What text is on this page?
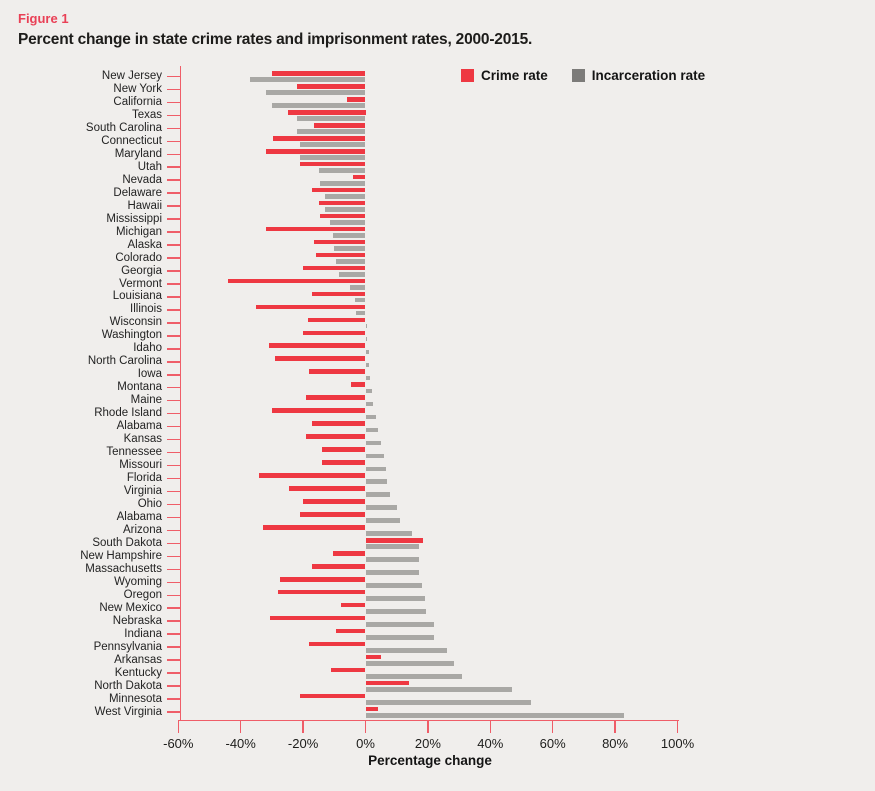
Figure 1
Percent change in state crime rates and imprisonment rates, 2000-2015.
Crime rate	Incarceration rate
New Jersey
New York
California
Texas
South Carolina
Connecticut
Maryland
Utah
Nevada
Delaware
Hawaii
Mississippi
Michigan
Alaska
Colorado
Georgia
Vermont
Louisiana
Illinois
Wisconsin
Washington
Idaho
North Carolina
Iowa
Montana
Maine
Rhode Island
Alabama
Kansas
Tennessee
Missouri
Florida
Virginia
Ohio
Alabama
Arizona
South Dakota
New Hampshire
Massachusetts
Wyoming
Oregon
New Mexico
Nebraska
Indiana
Pennsylvania
Arkansas
Kentucky
North Dakota
Minnesota
West Virginia
-60%	-40%	-20%	0%	20%	40%	60%	80%	100%
Percentage change
